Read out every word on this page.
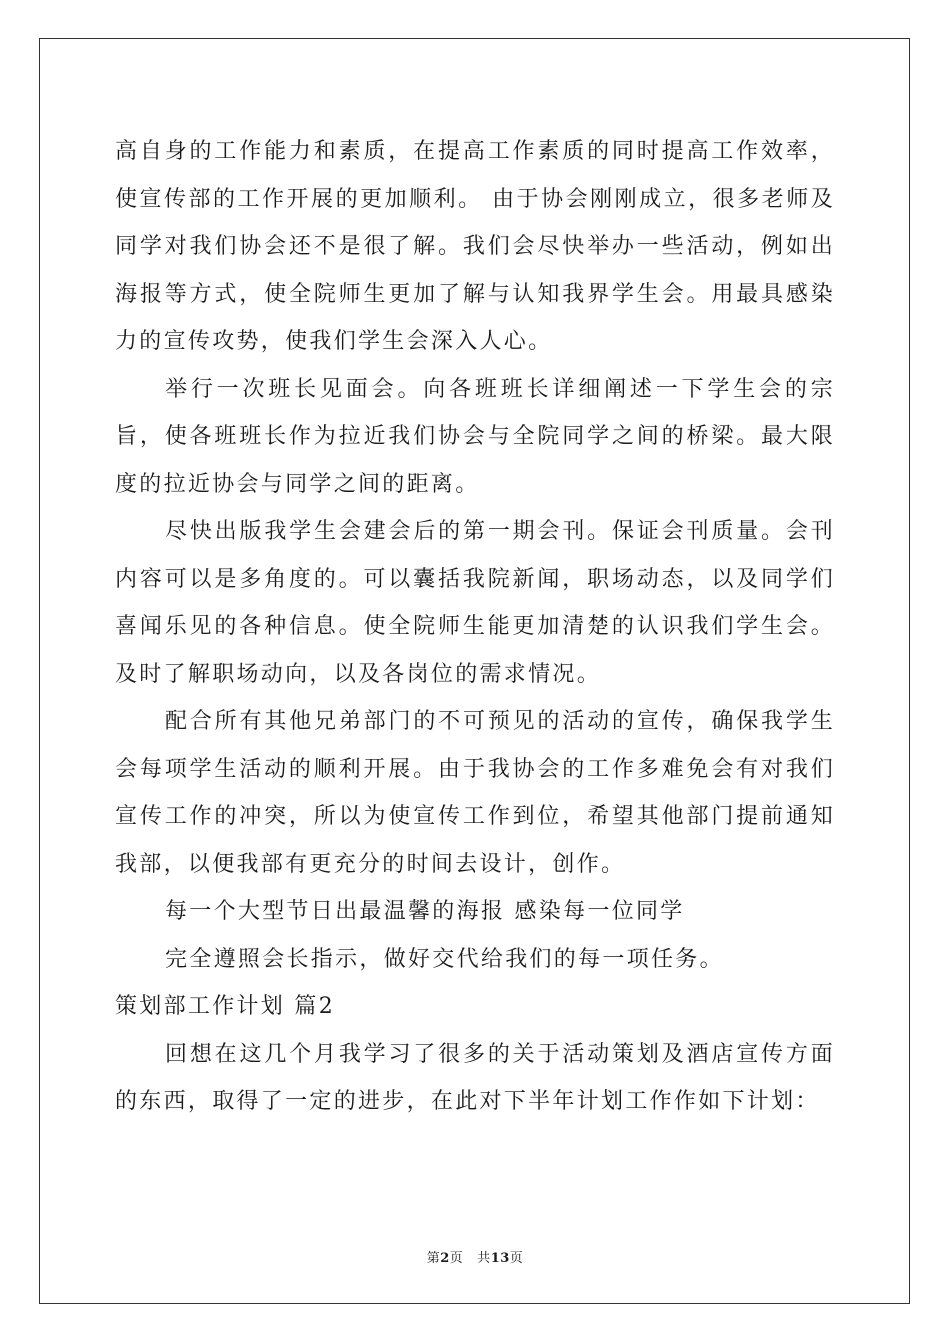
高自身的工作能力和素质，在提高工作素质的同时提高工作效率，使宣传部的工作开展的更加顺利。 由于协会刚刚成立，很多老师及同学对我们协会还不是很了解。我们会尽快举办一些活动，例如出海报等方式，使全院师生更加了解与认知我界学生会。用最具感染力的宣传攻势，使我们学生会深入人心。

举行一次班长见面会。向各班班长详细阐述一下学生会的宗旨，使各班班长作为拉近我们协会与全院同学之间的桥梁。最大限度的拉近协会与同学之间的距离。

尽快出版我学生会建会后的第一期会刊。保证会刊质量。会刊内容可以是多角度的。可以囊括我院新闻，职场动态，以及同学们喜闻乐见的各种信息。使全院师生能更加清楚的认识我们学生会。及时了解职场动向，以及各岗位的需求情况。

配合所有其他兄弟部门的不可预见的活动的宣传，确保我学生会每项学生活动的顺利开展。由于我协会的工作多难免会有对我们宣传工作的冲突，所以为使宣传工作到位，希望其他部门提前通知我部，以便我部有更充分的时间去设计，创作。

每一个大型节日出最温馨的海报 感染每一位同学

完全遵照会长指示，做好交代给我们的每一项任务。

策划部工作计划 篇2

回想在这几个月我学习了很多的关于活动策划及酒店宣传方面的东西，取得了一定的进步，在此对下半年计划工作作如下计划：

第2页 共13页
